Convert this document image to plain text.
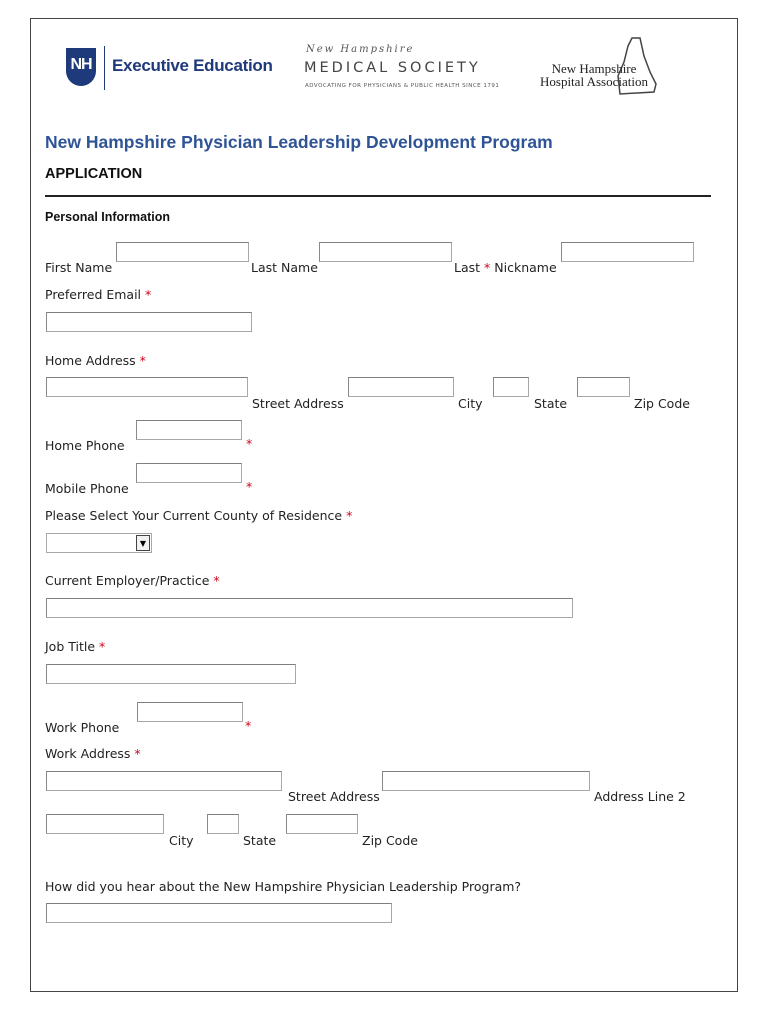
NH Executive Education
New Hampshire
MEDICAL SOCIETY
ADVOCATING FOR PHYSICIANS & PUBLIC HEALTH SINCE 1791
New Hampshire
Hospital Association
New Hampshire Physician Leadership Development Program
APPLICATION
Personal Information
First Name	Last Name	Last * Nickname
Preferred Email *
Home Address *
Street Address	City	State	Zip Code
Home Phone	*
Mobile Phone	*
Please Select Your Current County of Residence *
▼
Current Employer/Practice *
Job Title *
Work Phone	*
Work Address *
Street Address	Address Line 2
City	State	Zip Code
How did you hear about the New Hampshire Physician Leadership Program?
